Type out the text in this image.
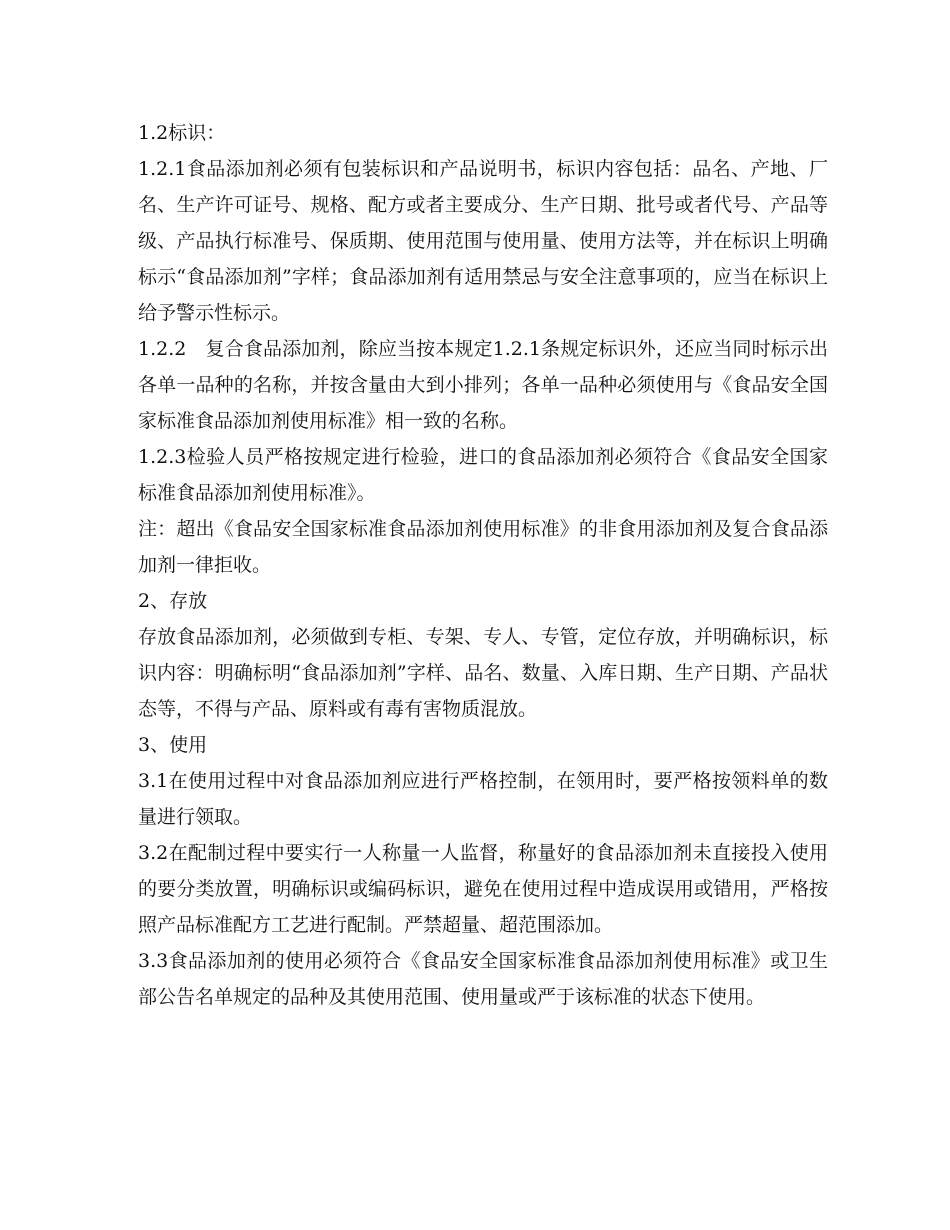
1.2标识：

1.2.1食品添加剂必须有包装标识和产品说明书，标识内容包括：品名、产地、厂名、生产许可证号、规格、配方或者主要成分、生产日期、批号或者代号、产品等级、产品执行标准号、保质期、使用范围与使用量、使用方法等，并在标识上明确标示“食品添加剂”字样；食品添加剂有适用禁忌与安全注意事项的，应当在标识上给予警示性标示。

1.2.2　复合食品添加剂，除应当按本规定1.2.1条规定标识外，还应当同时标示出各单一品种的名称，并按含量由大到小排列；各单一品种必须使用与《食品安全国家标准食品添加剂使用标准》相一致的名称。

1.2.3检验人员严格按规定进行检验，进口的食品添加剂必须符合《食品安全国家标准食品添加剂使用标准》。

注：超出《食品安全国家标准食品添加剂使用标准》的非食用添加剂及复合食品添加剂一律拒收。

2、存放

存放食品添加剂，必须做到专柜、专架、专人、专管，定位存放，并明确标识，标识内容：明确标明“食品添加剂”字样、品名、数量、入库日期、生产日期、产品状态等，不得与产品、原料或有毒有害物质混放。

3、使用

3.1在使用过程中对食品添加剂应进行严格控制，在领用时，要严格按领料单的数量进行领取。

3.2在配制过程中要实行一人称量一人监督，称量好的食品添加剂未直接投入使用的要分类放置，明确标识或编码标识，避免在使用过程中造成误用或错用，严格按照产品标准配方工艺进行配制。严禁超量、超范围添加。

3.3食品添加剂的使用必须符合《食品安全国家标准食品添加剂使用标准》或卫生部公告名单规定的品种及其使用范围、使用量或严于该标准的状态下使用。
